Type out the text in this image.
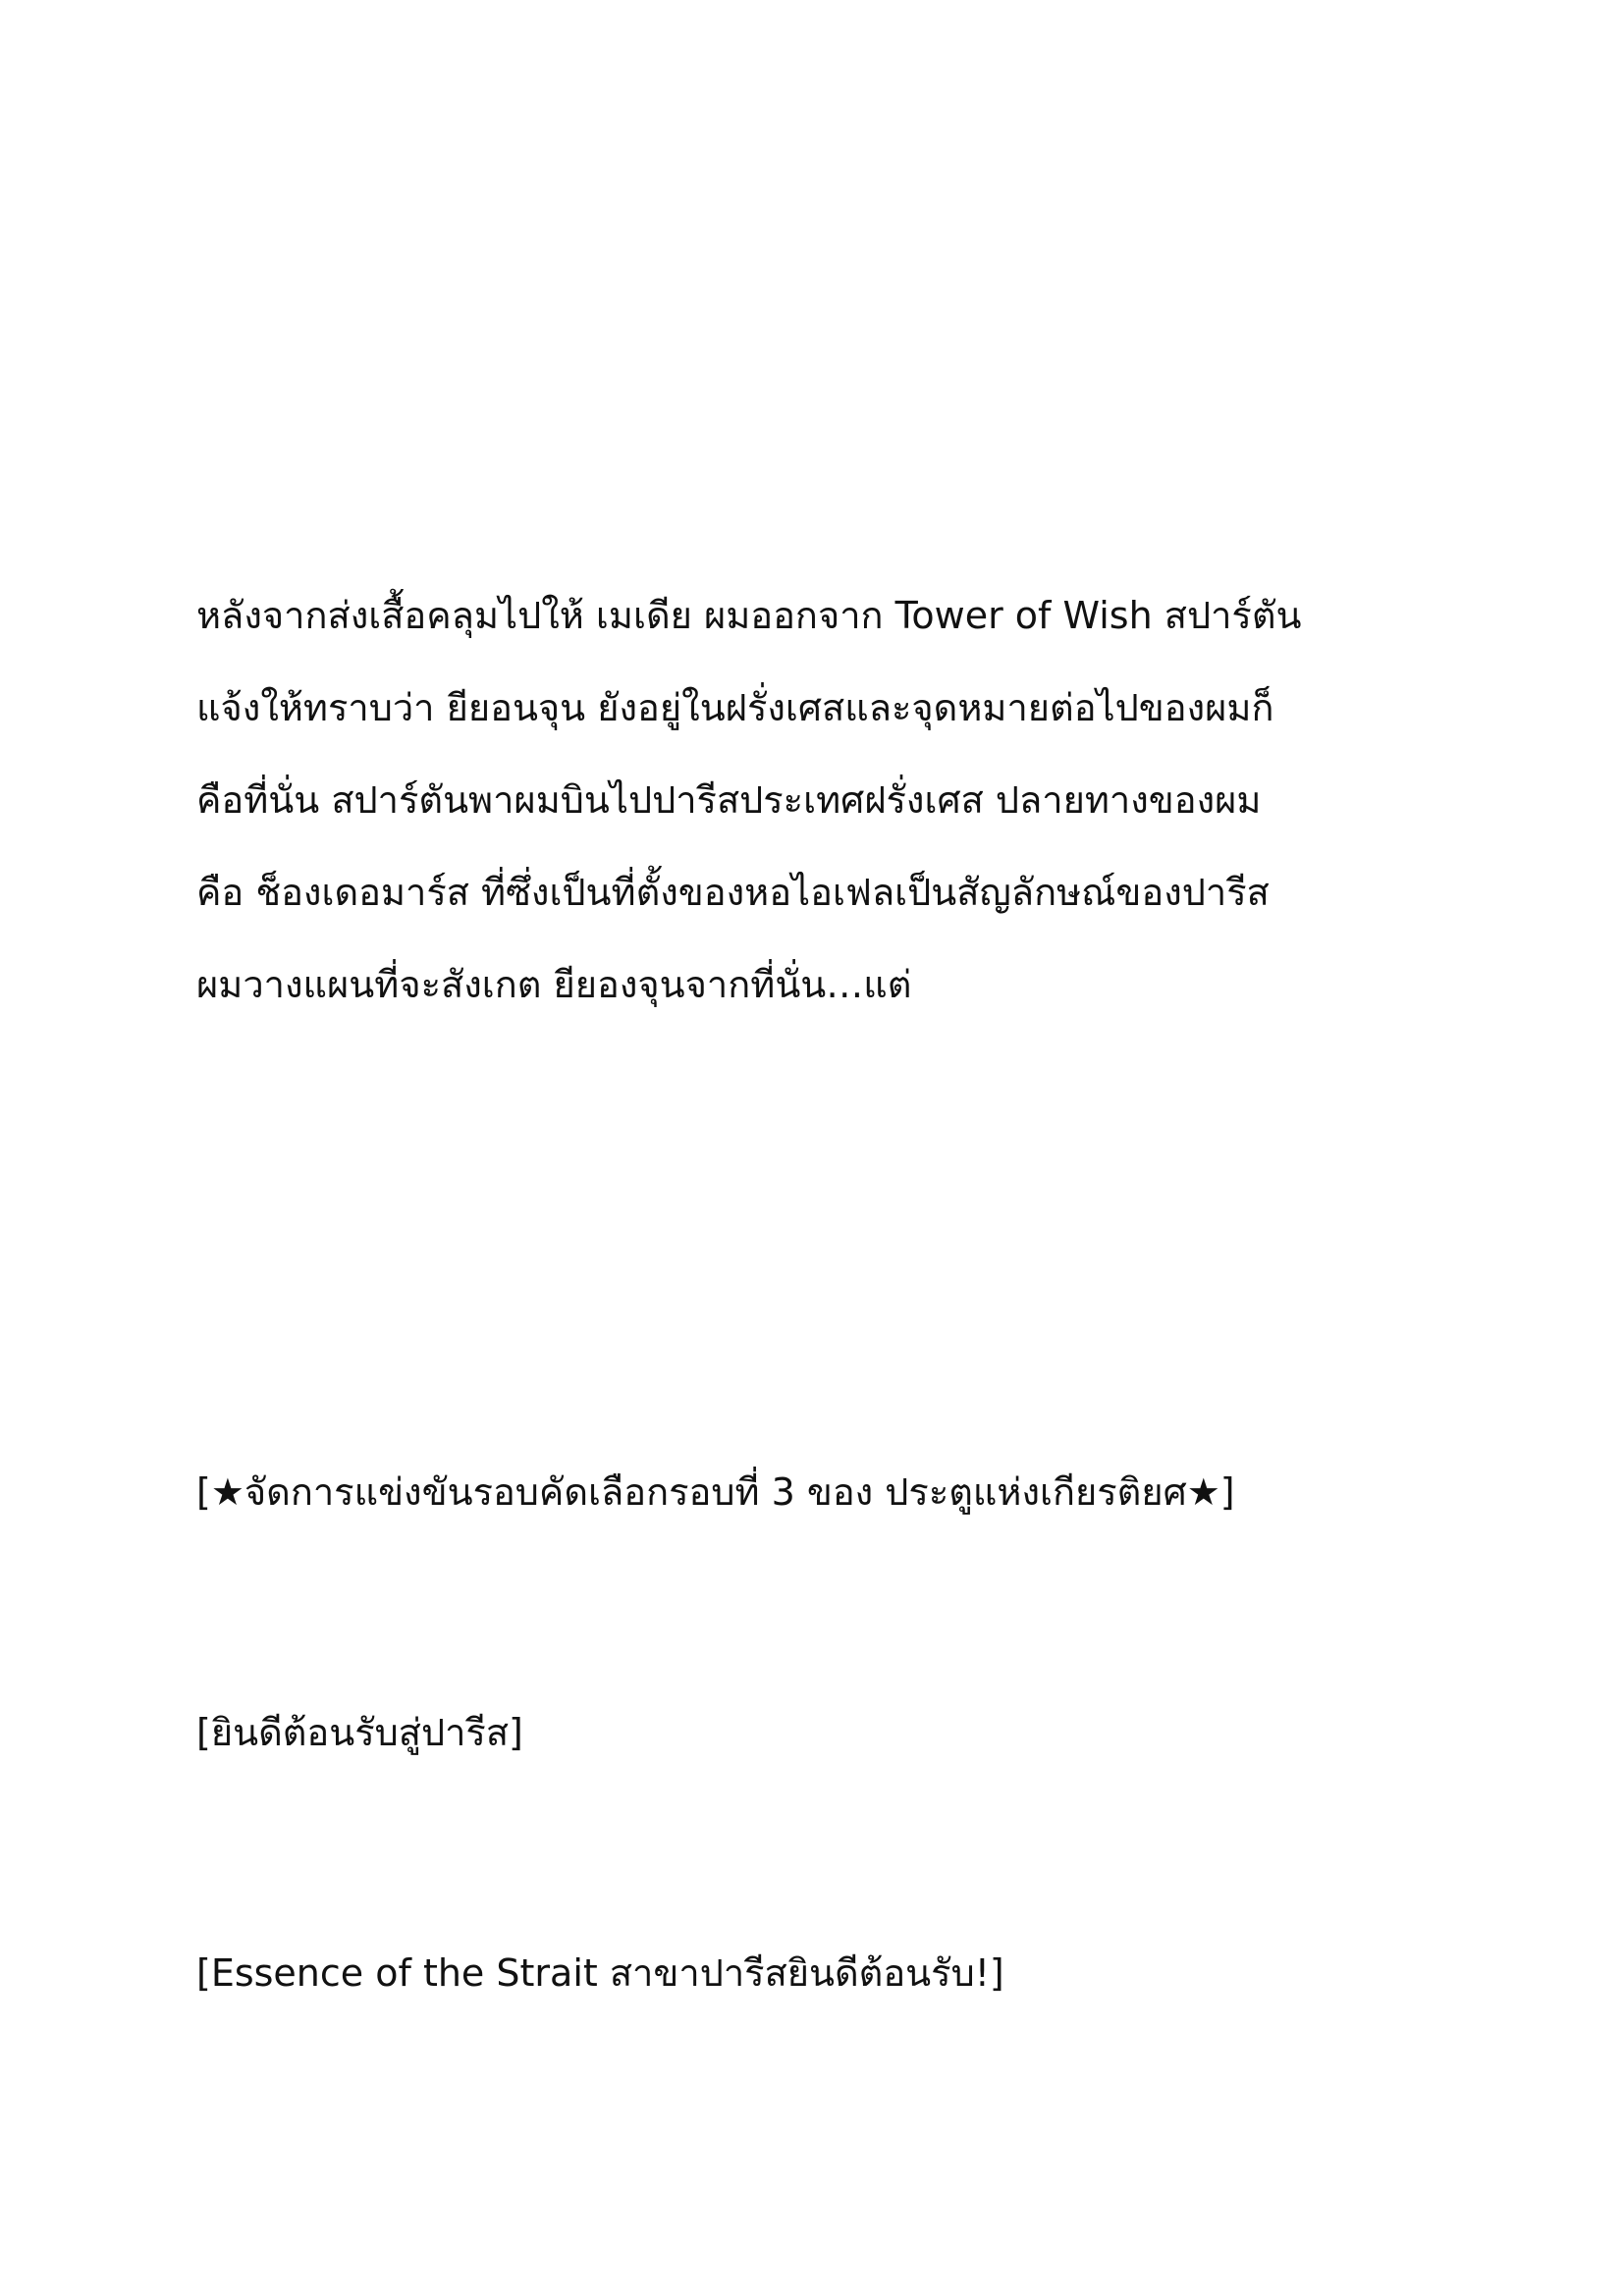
หลังจากส่งเสื้อคลุมไปให้ เมเดีย ผมออกจาก Tower of Wish สปาร์ตัน
แจ้งให้ทราบว่า ยียอนจุน ยังอยู่ในฝรั่งเศสและจุดหมายต่อไปของผมก็
คือที่นั่น สปาร์ตันพาผมบินไปปารีสประเทศฝรั่งเศส ปลายทางของผม
คือ ช็องเดอมาร์ส ที่ซึ่งเป็นที่ตั้งของหอไอเฟลเป็นสัญลักษณ์ของปารีส
ผมวางแผนที่จะสังเกต ยียองจุนจากที่นั่น…แต่

[★จัดการแข่งขันรอบคัดเลือกรอบที่ 3 ของ ประตูแห่งเกียรติยศ★]

[ยินดีต้อนรับสู่ปารีส]

[Essence of the Strait สาขาปารีสยินดีต้อนรับ!]
